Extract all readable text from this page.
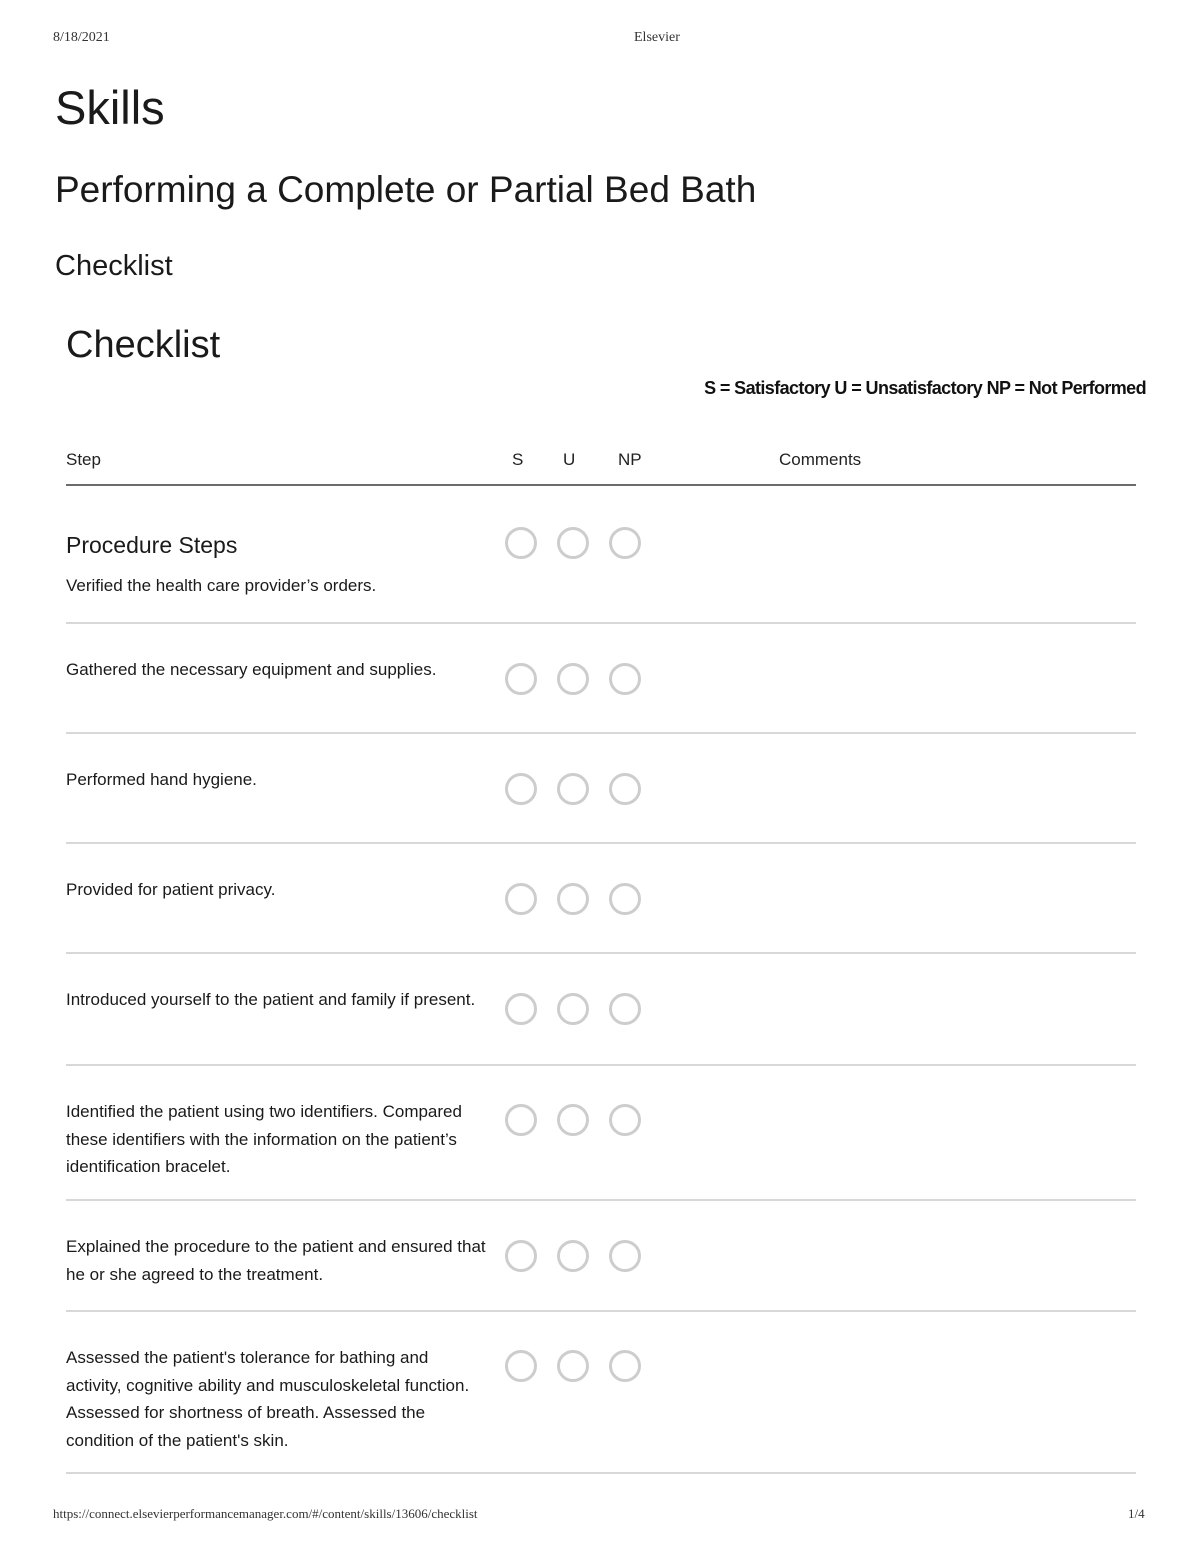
8/18/2021	Elsevier
Skills
Performing a Complete or Partial Bed Bath
Checklist
Checklist
S = Satisfactory U = Unsatisfactory NP = Not Performed
Step	S U	NP	Comments
Procedure Steps
Verified the health care provider’s orders.
Gathered the necessary equipment and supplies.
Performed hand hygiene.
Provided for patient privacy.
Introduced yourself to the patient and family if present.
Identified the patient using two identifiers. Compared these identifiers with the information on the patient’s identification bracelet.
Explained the procedure to the patient and ensured that he or she agreed to the treatment.
Assessed the patient's tolerance for bathing and activity, cognitive ability and musculoskeletal function. Assessed for shortness of breath. Assessed the condition of the patient's skin.
https://connect.elsevierperformancemanager.com/#/content/skills/13606/checklist	1/4
